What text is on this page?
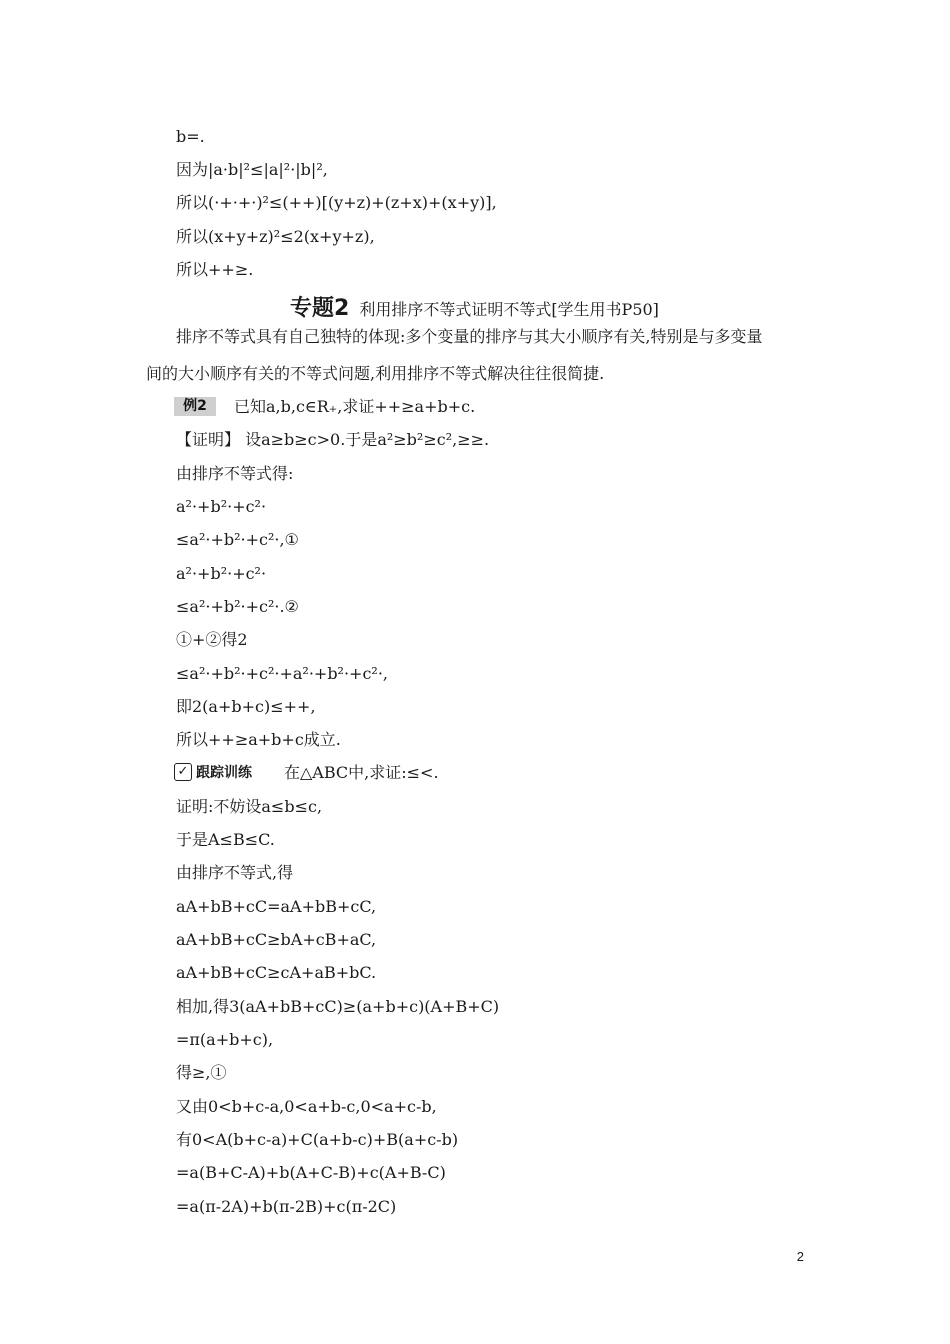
b=.
因为|a·b|²≤|a|²·|b|²,
所以(·+·+·)²≤(++)[(y+z)+(z+x)+(x+y)],
所以(x+y+z)²≤2(x+y+z),
所以++≥.
专题2 利用排序不等式证明不等式[学生用书P50]
排序不等式具有自己独特的体现:多个变量的排序与其大小顺序有关,特别是与多变量
间的大小顺序有关的不等式问题,利用排序不等式解决往往很简捷.
例2	已知a,b,c∈R₊,求证++≥a+b+c.
【证明】 设a≥b≥c>0.于是a²≥b²≥c²,≥≥.
由排序不等式得:
a²·+b²·+c²·
≤a²·+b²·+c²·,①
a²·+b²·+c²·
≤a²·+b²·+c²·.②
①+②得2
≤a²·+b²·+c²·+a²·+b²·+c²·,
即2(a+b+c)≤++,
所以++≥a+b+c成立.
✓ 跟踪训练 在△ABC中,求证:≤<.
证明:不妨设a≤b≤c,
于是A≤B≤C.
由排序不等式,得
aA+bB+cC=aA+bB+cC,
aA+bB+cC≥bA+cB+aC,
aA+bB+cC≥cA+aB+bC.
相加,得3(aA+bB+cC)≥(a+b+c)(A+B+C)
=π(a+b+c),
得≥,①
又由0<b+c-a,0<a+b-c,0<a+c-b,
有0<A(b+c-a)+C(a+b-c)+B(a+c-b)
=a(B+C-A)+b(A+C-B)+c(A+B-C)
=a(π-2A)+b(π-2B)+c(π-2C)
2
